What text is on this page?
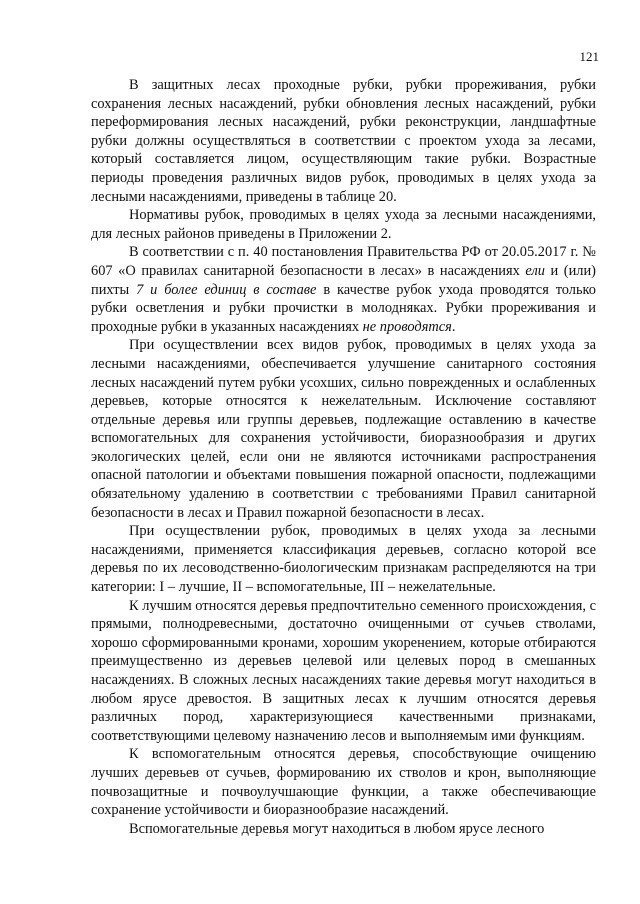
121

В защитных лесах проходные рубки, рубки прореживания, рубки сохранения лесных насаждений, рубки обновления лесных насаждений, рубки переформирования лесных насаждений, рубки реконструкции, ландшафтные рубки должны осуществляться в соответствии с проектом ухода за лесами, который составляется лицом, осуществляющим такие рубки. Возрастные периоды проведения различных видов рубок, проводимых в целях ухода за лесными насаждениями, приведены в таблице 20.

Нормативы рубок, проводимых в целях ухода за лесными насаждениями, для лесных районов приведены в Приложении 2.

В соответствии с п. 40 постановления Правительства РФ от 20.05.2017 г. № 607 «О правилах санитарной безопасности в лесах» в насаждениях ели и (или) пихты 7 и более единиц в составе в качестве рубок ухода проводятся только рубки осветления и рубки прочистки в молодняках. Рубки прореживания и проходные рубки в указанных насаждениях не проводятся.

При осуществлении всех видов рубок, проводимых в целях ухода за лесными насаждениями, обеспечивается улучшение санитарного состояния лесных насаждений путем рубки усохших, сильно поврежденных и ослабленных деревьев, которые относятся к нежелательным. Исключение составляют отдельные деревья или группы деревьев, подлежащие оставлению в качестве вспомогательных для сохранения устойчивости, биоразнообразия и других экологических целей, если они не являются источниками распространения опасной патологии и объектами повышения пожарной опасности, подлежащими обязательному удалению в соответствии с требованиями Правил санитарной безопасности в лесах и Правил пожарной безопасности в лесах.

При осуществлении рубок, проводимых в целях ухода за лесными насаждениями, применяется классификация деревьев, согласно которой все деревья по их лесоводственно-биологическим признакам распределяются на три категории: I – лучшие, II – вспомогательные, III – нежелательные.

К лучшим относятся деревья предпочтительно семенного происхождения, с прямыми, полнодревесными, достаточно очищенными от сучьев стволами, хорошо сформированными кронами, хорошим укоренением, которые отбираются преимущественно из деревьев целевой или целевых пород в смешанных насаждениях. В сложных лесных насаждениях такие деревья могут находиться в любом ярусе древостоя. В защитных лесах к лучшим относятся деревья различных пород, характеризующиеся качественными признаками, соответствующими целевому назначению лесов и выполняемым ими функциям.

К вспомогательным относятся деревья, способствующие очищению лучших деревьев от сучьев, формированию их стволов и крон, выполняющие почвозащитные и почвоулучшающие функции, а также обеспечивающие сохранение устойчивости и биоразнообразие насаждений.

Вспомогательные деревья могут находиться в любом ярусе лесного
